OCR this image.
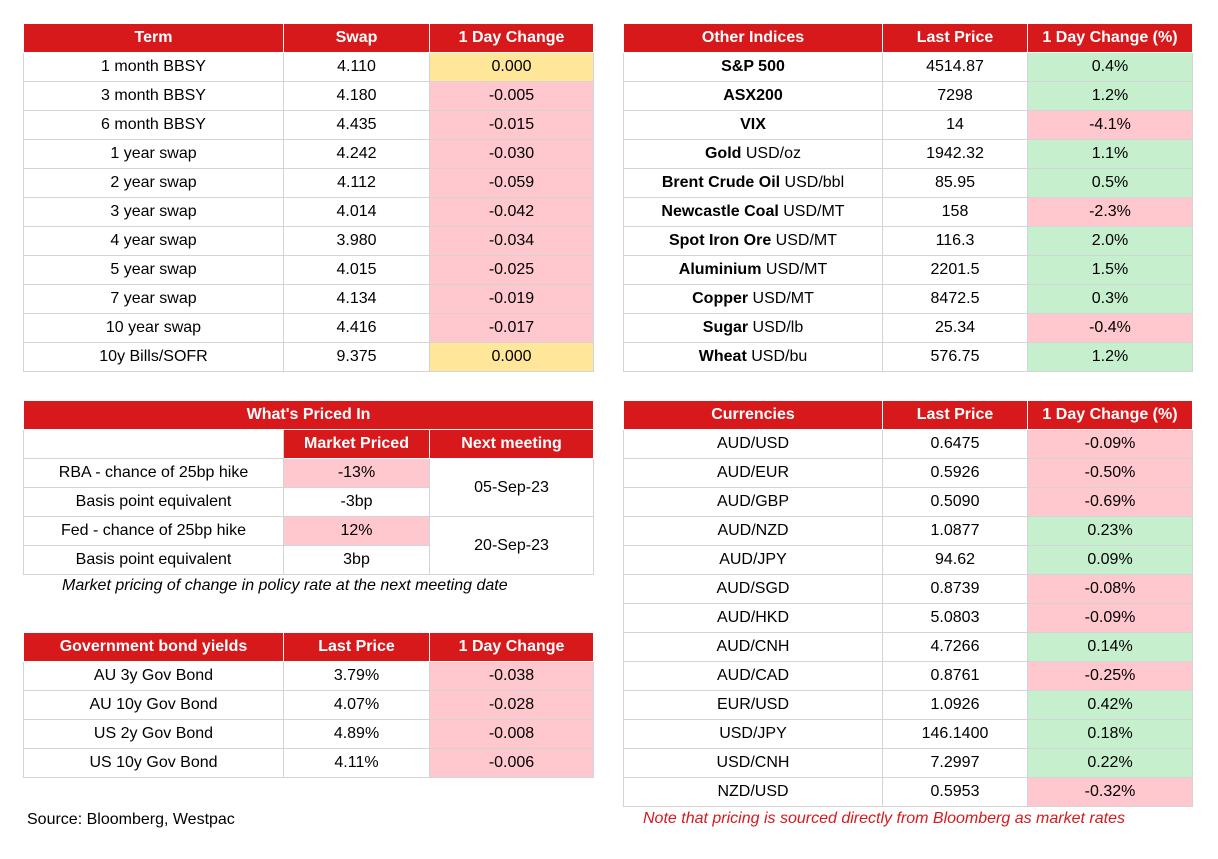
Term	Swap	1 Day Change
1 month BBSY	4.110	0.000
3 month BBSY	4.180	-0.005
6 month BBSY	4.435	-0.015
1 year swap	4.242	-0.030
2 year swap	4.112	-0.059
3 year swap	4.014	-0.042
4 year swap	3.980	-0.034
5 year swap	4.015	-0.025
7 year swap	4.134	-0.019
10 year swap	4.416	-0.017
10y Bills/SOFR	9.375	0.000
Other Indices	Last Price	1 Day Change (%)
S&P 500	4514.87	0.4%
ASX200	7298	1.2%
VIX	14	-4.1%
Gold USD/oz	1942.32	1.1%
Brent Crude Oil USD/bbl	85.95	0.5%
Newcastle Coal USD/MT	158	-2.3%
Spot Iron Ore USD/MT	116.3	2.0%
Aluminium USD/MT	2201.5	1.5%
Copper USD/MT	8472.5	0.3%
Sugar USD/lb	25.34	-0.4%
Wheat USD/bu	576.75	1.2%
What's Priced In		
	Market Priced	Next meeting
RBA - chance of 25bp hike	-13%	05-Sep-23
Basis point equivalent	-3bp	
Fed - chance of 25bp hike	12%	20-Sep-23
Basis point equivalent	3bp	
Market pricing of change in policy rate at the next meeting date
Government bond yields	Last Price	1 Day Change
AU 3y Gov Bond	3.79%	-0.038
AU 10y Gov Bond	4.07%	-0.028
US 2y Gov Bond	4.89%	-0.008
US 10y Gov Bond	4.11%	-0.006
Currencies	Last Price	1 Day Change (%)
AUD/USD	0.6475	-0.09%
AUD/EUR	0.5926	-0.50%
AUD/GBP	0.5090	-0.69%
AUD/NZD	1.0877	0.23%
AUD/JPY	94.62	0.09%
AUD/SGD	0.8739	-0.08%
AUD/HKD	5.0803	-0.09%
AUD/CNH	4.7266	0.14%
AUD/CAD	0.8761	-0.25%
EUR/USD	1.0926	0.42%
USD/JPY	146.1400	0.18%
USD/CNH	7.2997	0.22%
NZD/USD	0.5953	-0.32%
Source: Bloomberg, Westpac	Note that pricing is sourced directly from Bloomberg as market rates
